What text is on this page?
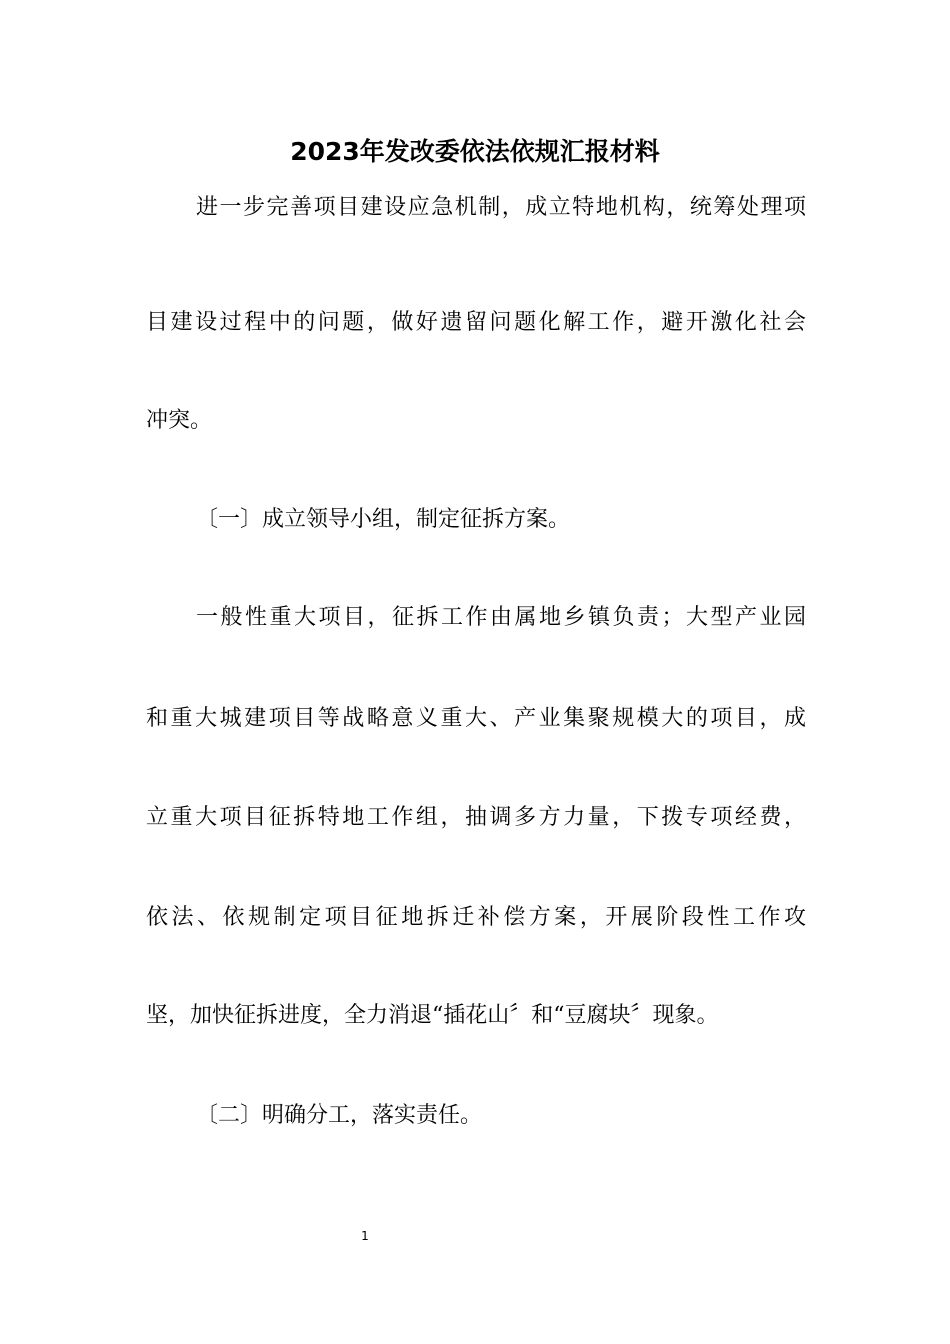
2023年发改委依法依规汇报材料

进一步完善项目建设应急机制，成立特地机构，统筹处理项

目建设过程中的问题，做好遗留问题化解工作，避开激化社会

冲突。

〔一〕成立领导小组，制定征拆方案。

一般性重大项目，征拆工作由属地乡镇负责；大型产业园

和重大城建项目等战略意义重大、产业集聚规模大的项目，成

立重大项目征拆特地工作组，抽调多方力量，下拨专项经费，

依法、依规制定项目征地拆迁补偿方案，开展阶段性工作攻

坚，加快征拆进度，全力消退“插花山〞和“豆腐块〞现象。

〔二〕明确分工，落实责任。

1
